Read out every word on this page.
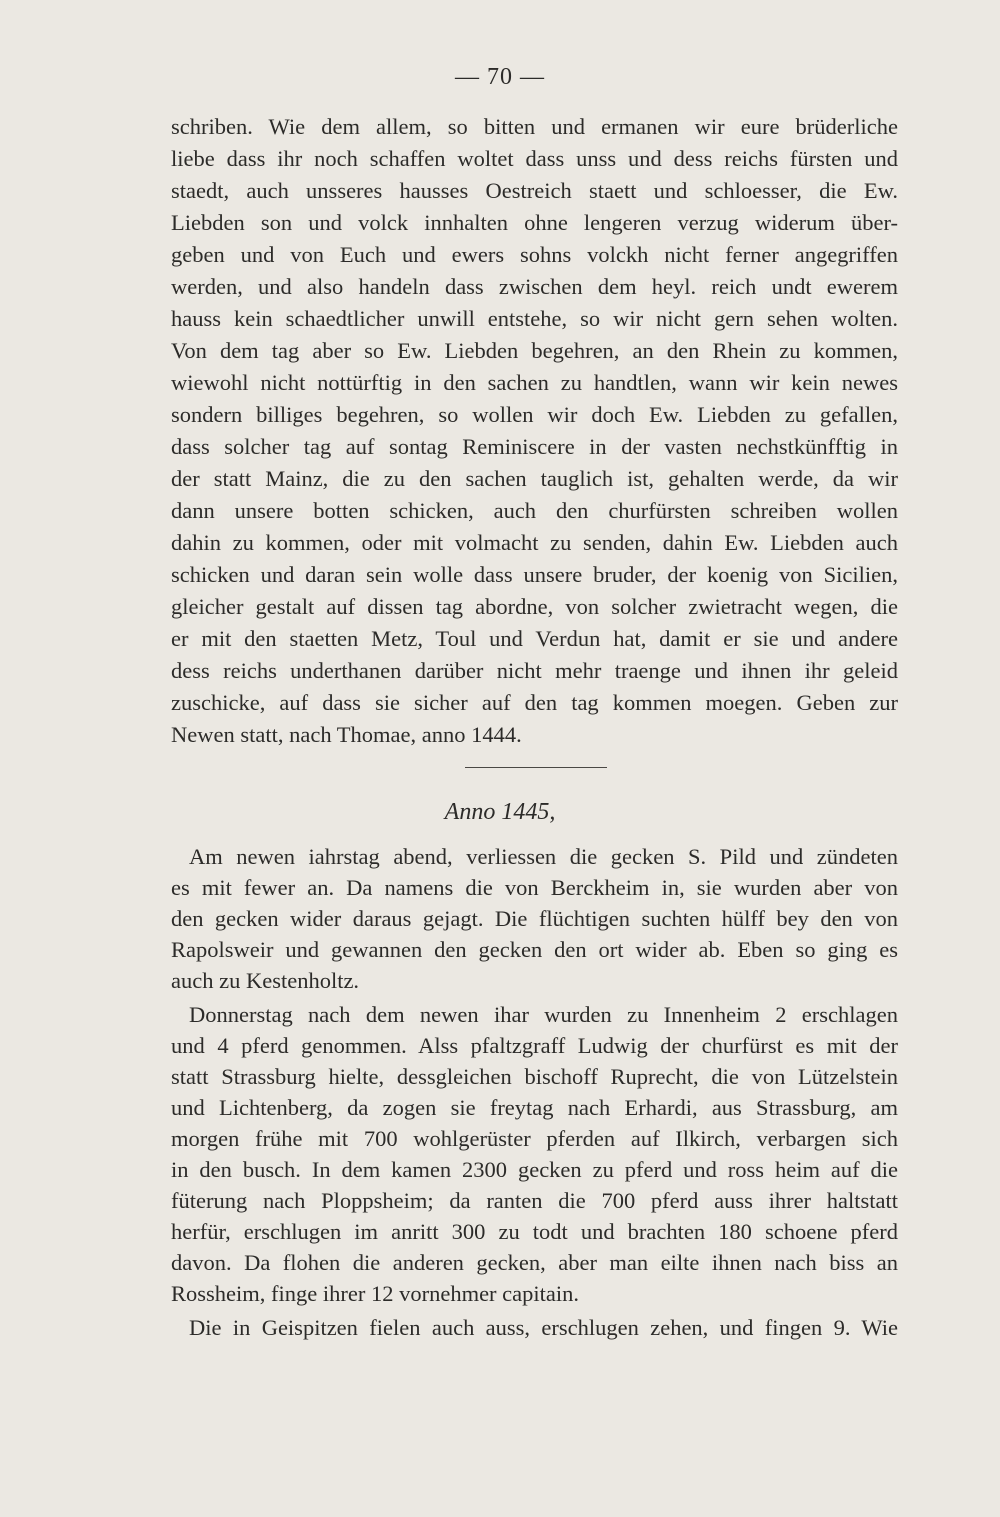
— 70 —
schriben. Wie dem allem, so bitten und ermanen wir eure brüderliche
liebe dass ihr noch schaffen woltet dass unss und dess reichs fürsten und
staedt, auch unsseres hausses Oestreich staett und schloesser, die Ew.
Liebden son und volck innhalten ohne lengeren verzug widerum über-
geben und von Euch und ewers sohns volckh nicht ferner angegriffen
werden, und also handeln dass zwischen dem heyl. reich undt ewerem
hauss kein schaedtlicher unwill entstehe, so wir nicht gern sehen wolten.
Von dem tag aber so Ew. Liebden begehren, an den Rhein zu kommen,
wiewohl nicht nottürftig in den sachen zu handtlen, wann wir kein newes
sondern billiges begehren, so wollen wir doch Ew. Liebden zu gefallen,
dass solcher tag auf sontag Reminiscere in der vasten nechstkünfftig in
der statt Mainz, die zu den sachen tauglich ist, gehalten werde, da wir
dann unsere botten schicken, auch den churfürsten schreiben wollen
dahin zu kommen, oder mit volmacht zu senden, dahin Ew. Liebden auch
schicken und daran sein wolle dass unsere bruder, der koenig von Sicilien,
gleicher gestalt auf dissen tag abordne, von solcher zwietracht wegen, die
er mit den staetten Metz, Toul und Verdun hat, damit er sie und andere
dess reichs underthanen darüber nicht mehr traenge und ihnen ihr geleid
zuschicke, auf dass sie sicher auf den tag kommen moegen. Geben zur
Newen statt, nach Thomae, anno 1444.
Anno 1445,
Am newen iahrstag abend, verliessen die gecken S. Pild und zündeten
es mit fewer an. Da namens die von Berckheim in, sie wurden aber von
den gecken wider daraus gejagt. Die flüchtigen suchten hülff bey den von
Rapolsweir und gewannen den gecken den ort wider ab. Eben so ging es
auch zu Kestenholtz.
Donnerstag nach dem newen ihar wurden zu Innenheim 2 erschlagen
und 4 pferd genommen. Alss pfaltzgraff Ludwig der churfürst es mit der
statt Strassburg hielte, dessgleichen bischoff Ruprecht, die von Lützelstein
und Lichtenberg, da zogen sie freytag nach Erhardi, aus Strassburg, am
morgen frühe mit 700 wohlgerüster pferden auf Ilkirch, verbargen sich
in den busch. In dem kamen 2300 gecken zu pferd und ross heim auf die
füterung nach Ploppsheim; da ranten die 700 pferd auss ihrer haltstatt
herfür, erschlugen im anritt 300 zu todt und brachten 180 schoene pferd
davon. Da flohen die anderen gecken, aber man eilte ihnen nach biss an
Rossheim, finge ihrer 12 vornehmer capitain.
Die in Geispitzen fielen auch auss, erschlugen zehen, und fingen 9. Wie
